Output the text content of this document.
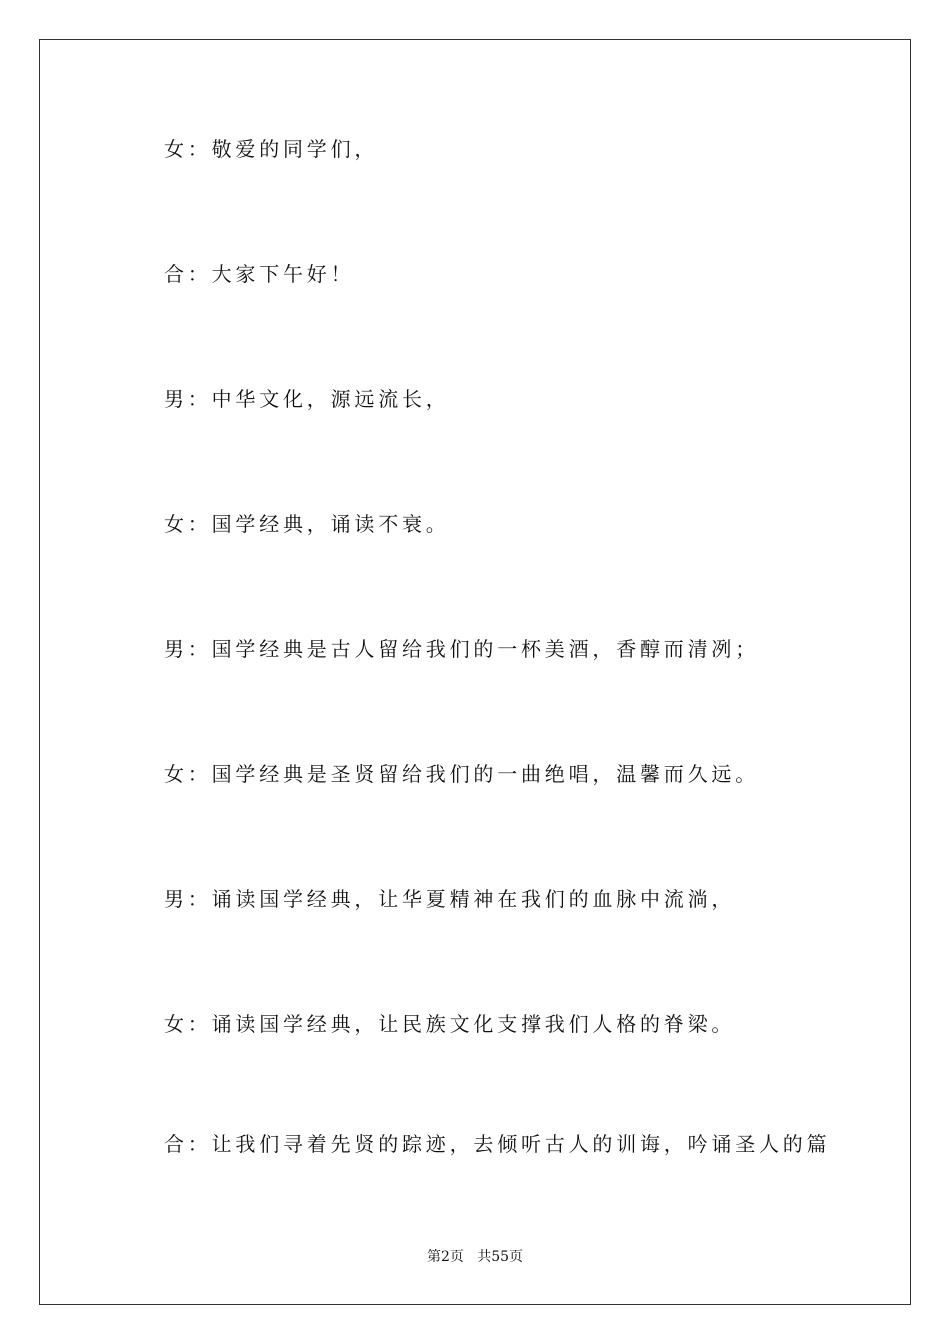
女：敬爱的同学们，
合：大家下午好！
男：中华文化，源远流长，
女：国学经典，诵读不衰。
男：国学经典是古人留给我们的一杯美酒，香醇而清冽；
女：国学经典是圣贤留给我们的一曲绝唱，温馨而久远。
男：诵读国学经典，让华夏精神在我们的血脉中流淌，
女：诵读国学经典，让民族文化支撑我们人格的脊梁。
合：让我们寻着先贤的踪迹，去倾听古人的训诲，吟诵圣人的篇
第2页   共55页
